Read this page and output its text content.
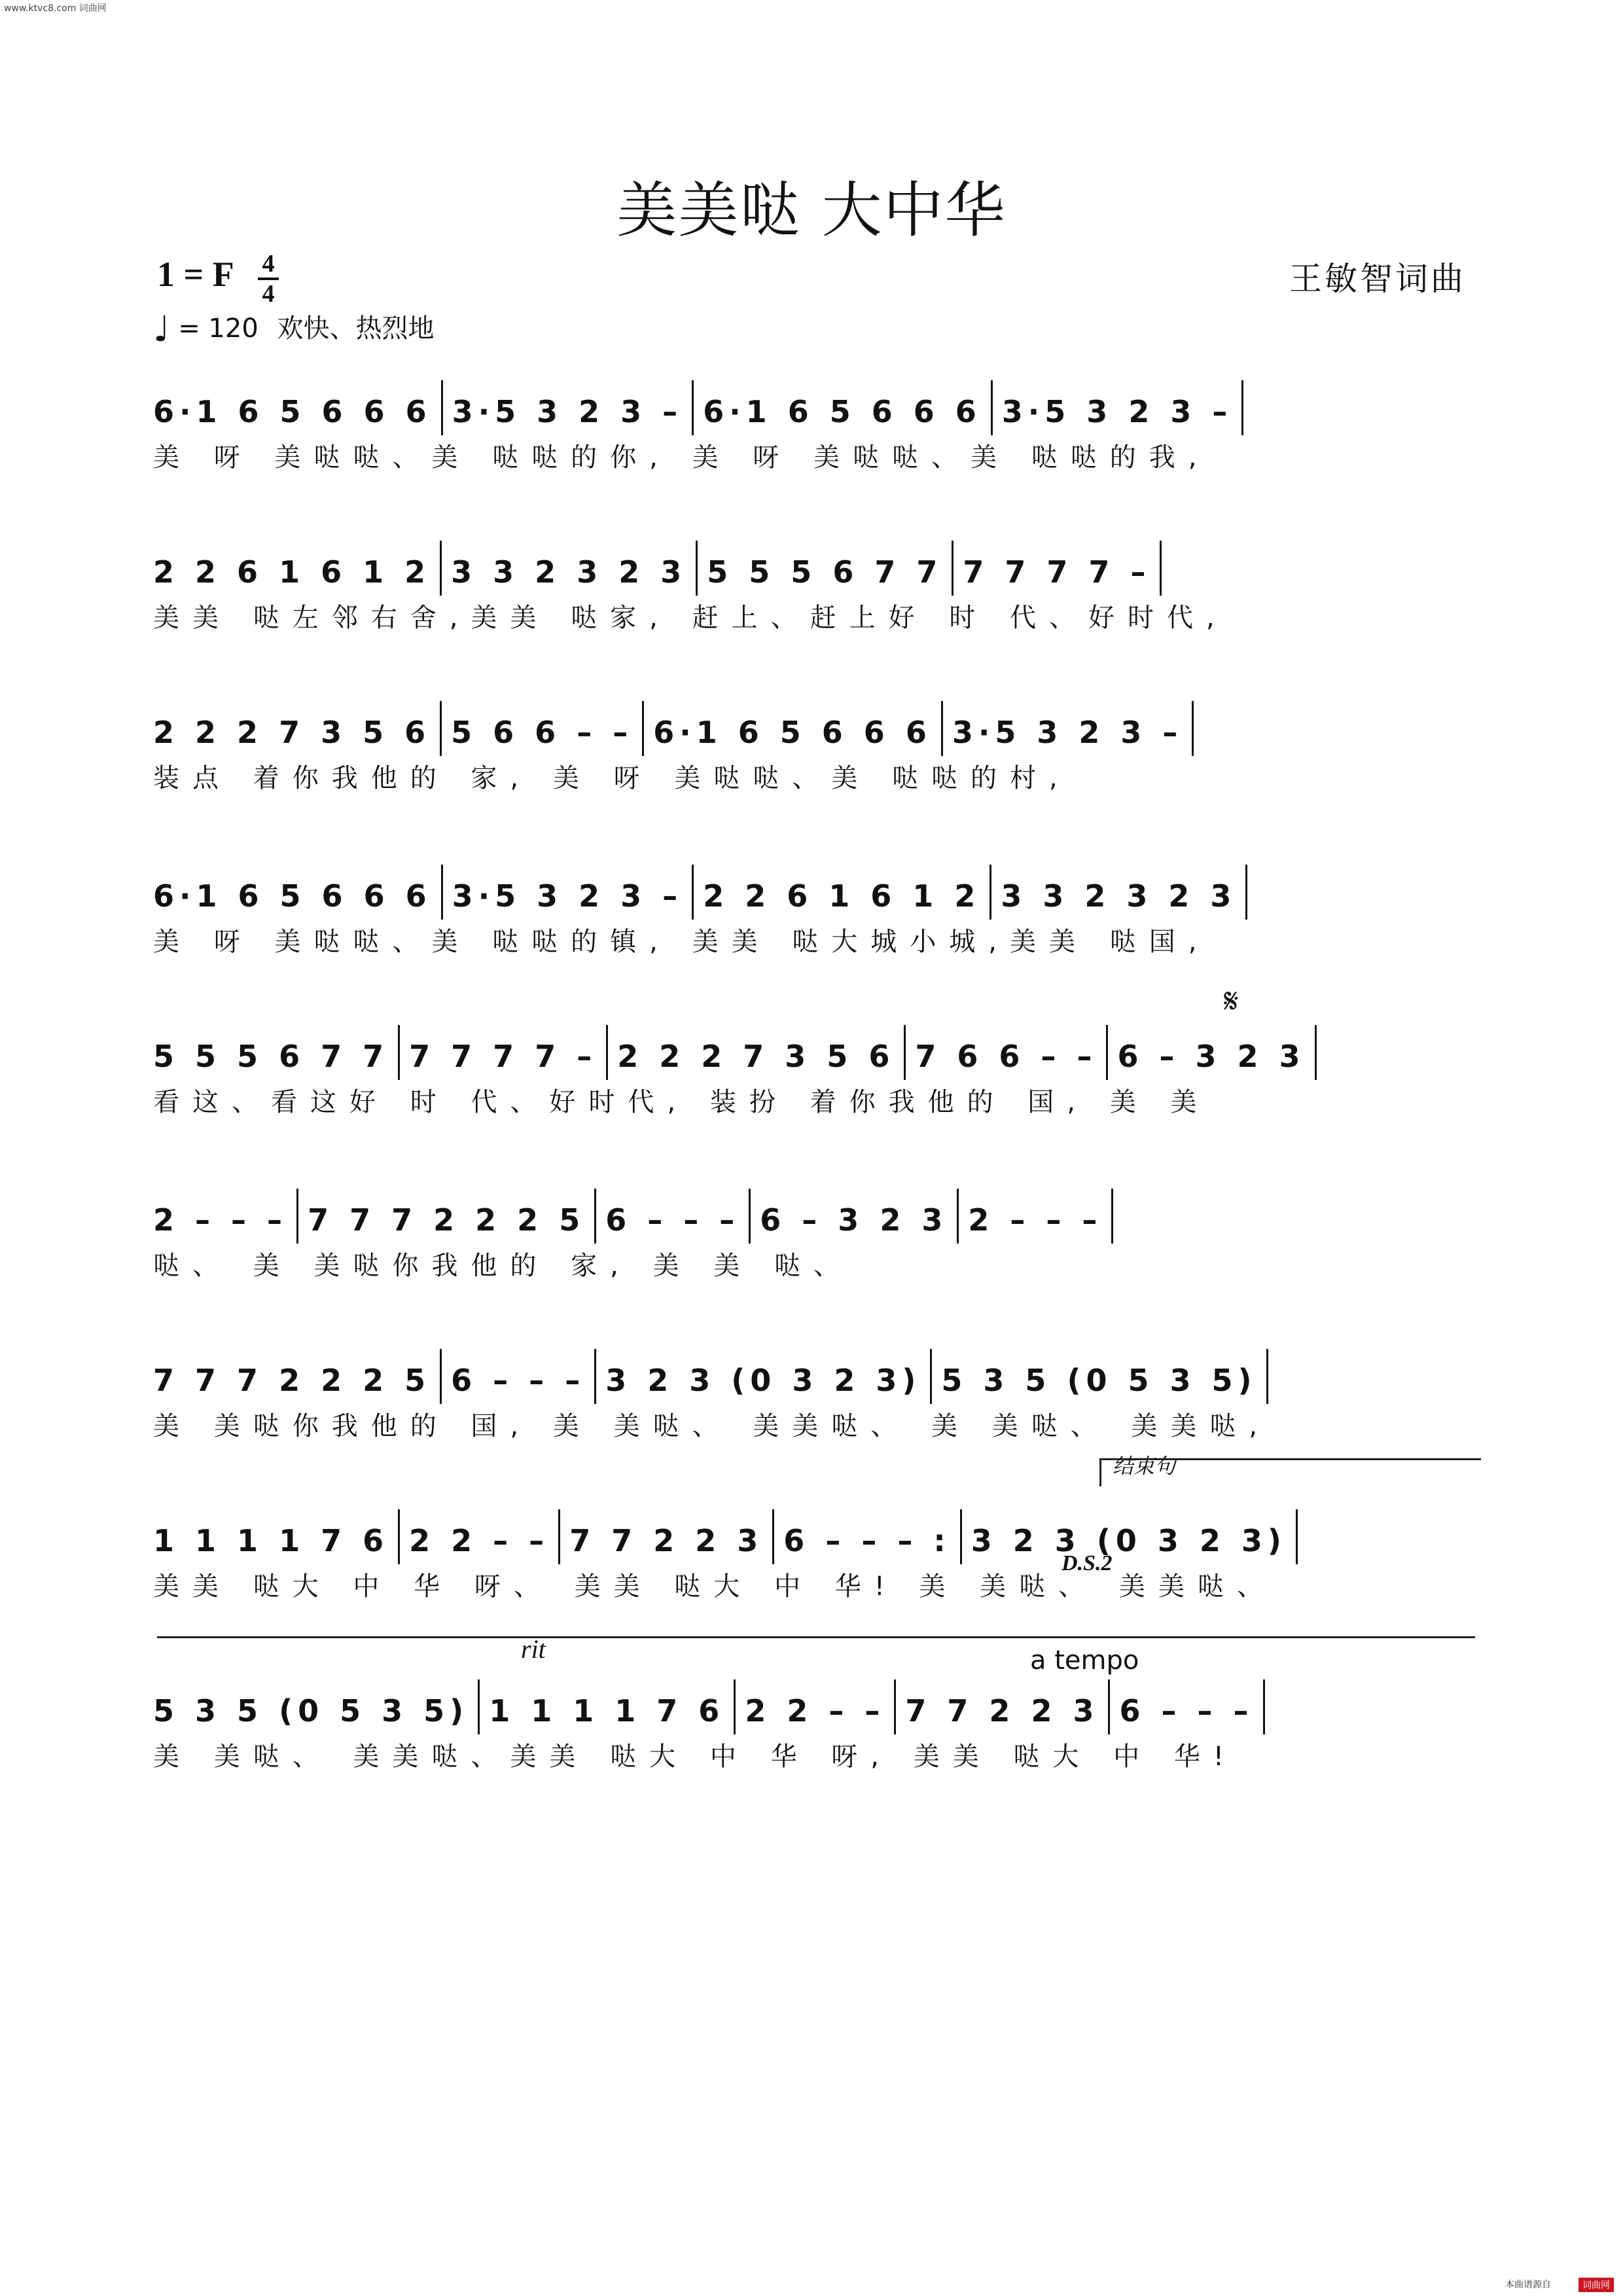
www.ktvc8.com 词曲网
美美哒 大中华
1 = F 4
4
♩ = 120 欢快、热烈地
王敏智词曲
6·1 6 5 6 6 6 3·5 3 2 3 – 6·1 6 5 6 6 6 3·5 3 2 3 –
美 呀 美哒哒、美 哒哒的你, 美 呀 美哒哒、美 哒哒的我,
2 2 6 1 6 1 2 3 3 2 3 2 3 5 5 5 6 7 7 7 7 7 7 –
美美 哒左邻右舍,美美 哒家, 赶上、赶上好 时 代、好时代,
2 2 2 7 3 5 6 5 6 6 – – 6·1 6 5 6 6 6 3·5 3 2 3 –
装点 着你我他的 家, 美 呀 美哒哒、美 哒哒的村,
6·1 6 5 6 6 6 3·5 3 2 3 – 2 2 6 1 6 1 2 3 3 2 3 2 3
美 呀 美哒哒、美 哒哒的镇, 美美 哒大城小城,美美 哒国,
5 5 5 6 7 7 7 7 7 7 – 2 2 2 7 3 5 6 7 6 6 – – 6 – 3 2 3
看这、看这好 时 代、好时代, 装扮 着你我他的 国, 美 美
2 – – – 7 7 7 2 2 2 5 6 – – – 6 – 3 2 3 2 – – –
哒、 美 美哒你我他的 家, 美 美 哒、
7 7 7 2 2 2 5 6 – – – 3 2 3 (0 3 2 3) 5 3 5 (0 5 3 5)
美 美哒你我他的 国, 美 美哒、 美美哒、 美 美哒、 美美哒,
1 1 1 1 7 6 2 2 – – 7 7 2 2 3 6 – – – : 3 2 3 (0 3 2 3)
美美 哒大 中 华 呀、 美美 哒大 中 华! 美 美哒、 美美哒、
5 3 5 (0 5 3 5) 1 1 1 1 7 6 2 2 – – 7 7 2 2 3 6 – – –
美 美哒、 美美哒、美美 哒大 中 华 呀, 美美 哒大 中 华!
𝄋
结束句
D.S.2
rit	a tempo
本曲谱源自	词曲网
